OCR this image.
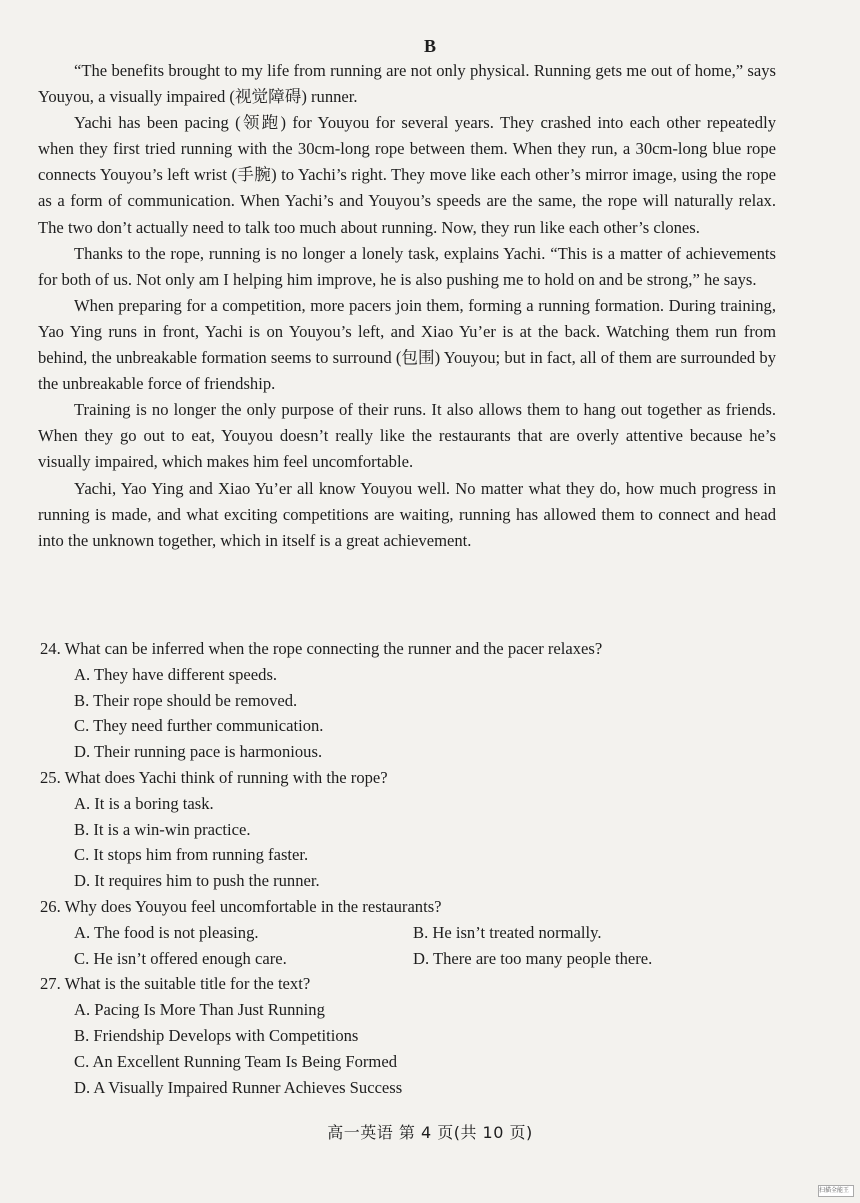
B

“The benefits brought to my life from running are not only physical. Running gets me out of home,” says Youyou, a visually impaired (视觉障碍) runner.

Yachi has been pacing (领跑) for Youyou for several years. They crashed into each other repeatedly when they first tried running with the 30cm-long rope between them. When they run, a 30cm-long blue rope connects Youyou’s left wrist (手腕) to Yachi’s right. They move like each other’s mirror image, using the rope as a form of communication. When Yachi’s and Youyou’s speeds are the same, the rope will naturally relax. The two don’t actually need to talk too much about running. Now, they run like each other’s clones.

Thanks to the rope, running is no longer a lonely task, explains Yachi. “This is a matter of achievements for both of us. Not only am I helping him improve, he is also pushing me to hold on and be strong,” he says.

When preparing for a competition, more pacers join them, forming a running formation. During training, Yao Ying runs in front, Yachi is on Youyou’s left, and Xiao Yu’er is at the back. Watching them run from behind, the unbreakable formation seems to surround (包围) Youyou; but in fact, all of them are surrounded by the unbreakable force of friendship.

Training is no longer the only purpose of their runs. It also allows them to hang out together as friends. When they go out to eat, Youyou doesn’t really like the restaurants that are overly attentive because he’s visually impaired, which makes him feel uncomfortable.

Yachi, Yao Ying and Xiao Yu’er all know Youyou well. No matter what they do, how much progress in running is made, and what exciting competitions are waiting, running has allowed them to connect and head into the unknown together, which in itself is a great achievement.

24. What can be inferred when the rope connecting the runner and the pacer relaxes?
A. They have different speeds.
B. Their rope should be removed.
C. They need further communication.
D. Their running pace is harmonious.
25. What does Yachi think of running with the rope?
A. It is a boring task.
B. It is a win-win practice.
C. It stops him from running faster.
D. It requires him to push the runner.
26. Why does Youyou feel uncomfortable in the restaurants?
A. The food is not pleasing.	B. He isn’t treated normally.
C. He isn’t offered enough care.	D. There are too many people there.
27. What is the suitable title for the text?
A. Pacing Is More Than Just Running
B. Friendship Develops with Competitions
C. An Excellent Running Team Is Being Formed
D. A Visually Impaired Runner Achieves Success
高一英语 第 4 页(共 10 页)
扫描全能王
